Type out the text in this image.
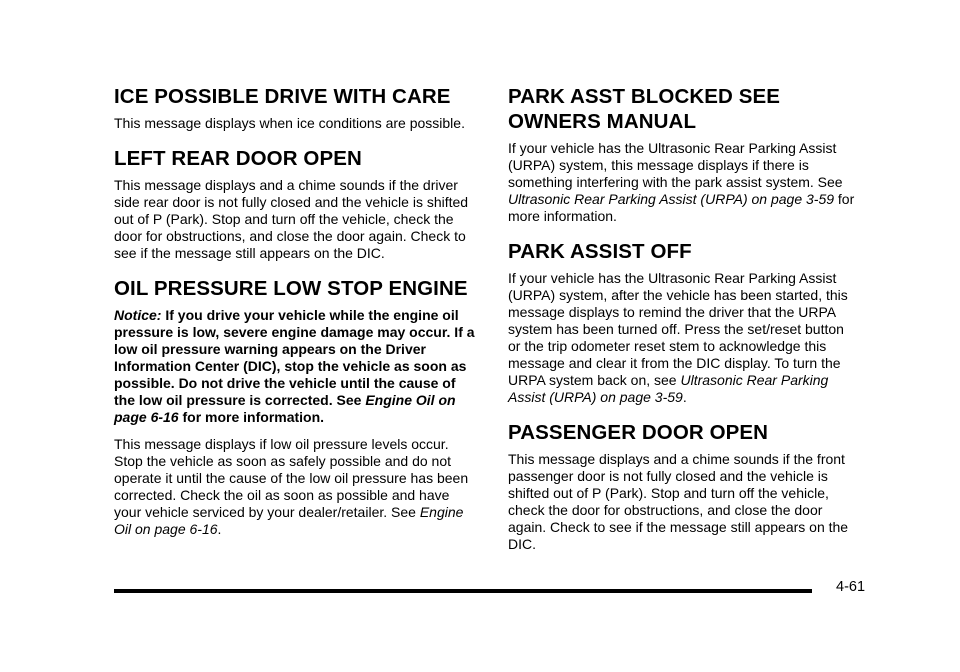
ICE POSSIBLE DRIVE WITH CARE

This message displays when ice conditions are possible.

LEFT REAR DOOR OPEN

This message displays and a chime sounds if the driver side rear door is not fully closed and the vehicle is shifted out of P (Park). Stop and turn off the vehicle, check the door for obstructions, and close the door again. Check to see if the message still appears on the DIC.

OIL PRESSURE LOW STOP ENGINE

Notice: If you drive your vehicle while the engine oil pressure is low, severe engine damage may occur. If a low oil pressure warning appears on the Driver Information Center (DIC), stop the vehicle as soon as possible. Do not drive the vehicle until the cause of the low oil pressure is corrected. See Engine Oil on page 6-16 for more information.

This message displays if low oil pressure levels occur. Stop the vehicle as soon as safely possible and do not operate it until the cause of the low oil pressure has been corrected. Check the oil as soon as possible and have your vehicle serviced by your dealer/retailer. See Engine Oil on page 6-16.

PARK ASST BLOCKED SEE OWNERS MANUAL

If your vehicle has the Ultrasonic Rear Parking Assist (URPA) system, this message displays if there is something interfering with the park assist system. See Ultrasonic Rear Parking Assist (URPA) on page 3-59 for more information.

PARK ASSIST OFF

If your vehicle has the Ultrasonic Rear Parking Assist (URPA) system, after the vehicle has been started, this message displays to remind the driver that the URPA system has been turned off. Press the set/reset button or the trip odometer reset stem to acknowledge this message and clear it from the DIC display. To turn the URPA system back on, see Ultrasonic Rear Parking Assist (URPA) on page 3-59.

PASSENGER DOOR OPEN

This message displays and a chime sounds if the front passenger door is not fully closed and the vehicle is shifted out of P (Park). Stop and turn off the vehicle, check the door for obstructions, and close the door again. Check to see if the message still appears on the DIC.

4-61
